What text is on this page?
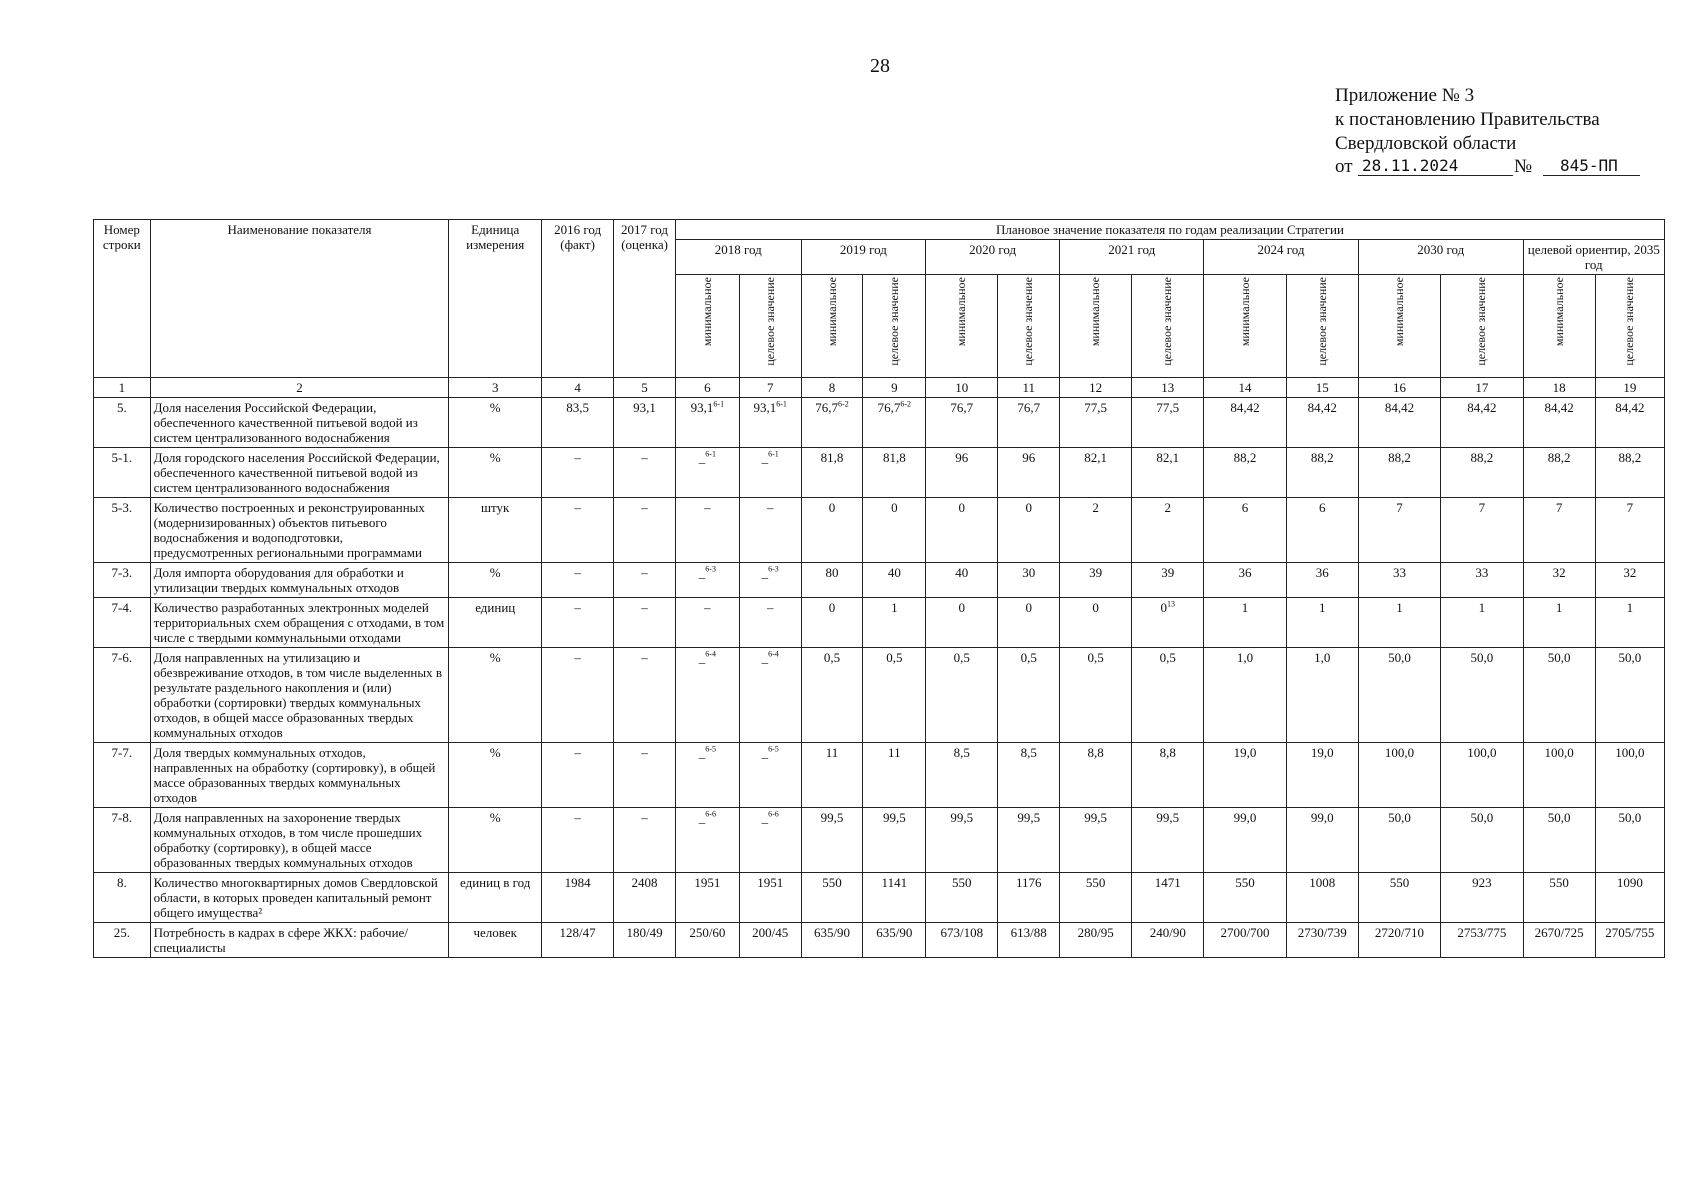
28
Приложение № 3
к постановлению Правительства
Свердловской области
от 28.11.2024	№ 845-ПП
Номер строки	Наименование показателя	Единица измерения	2016 год (факт)	2017 год (оценка)	Плановое значение показателя по годам реализации Стратегии													
					2018 год		2019 год		2020 год		2021 год		2024 год		2030 год		целевой ориентир, 2035 год	
					минимальное	целевое значение	минимальное	целевое значение	минимальное	целевое значение	минимальное	целевое значение	минимальное	целевое значение	минимальное	целевое значение	минимальное	целевое значение
1	2	3	4	5	6	7	8	9	10	11	12	13	14	15	16	17	18	19
5.	Доля населения Российской Федерации, обеспеченного качественной питьевой водой из систем централизованного водоснабжения	%	83,5	93,1	93,1$^{6-1}$	93,1$^{6-1}$	76,7$^{6-2}$	76,7$^{6-2}$	76,7	76,7	77,5	77,5	84,42	84,42	84,42	84,42	84,42	84,42
5-1.	Доля городского населения Российской Федерации, обеспеченного качественной питьевой водой из систем централизованного водоснабжения	%	–	–	_$^{6-1}$	_$^{6-1}$	81,8	81,8	96	96	82,1	82,1	88,2	88,2	88,2	88,2	88,2	88,2
5-3.	Количество построенных и реконструированных (модернизированных) объектов питьевого водоснабжения и водоподготовки, предусмотренных региональными программами	штук	–	–	–	–	0	0	0	0	2	2	6	6	7	7	7	7
7-3.	Доля импорта оборудования для обработки и утилизации твердых коммунальных отходов	%	–	–	_$^{6-3}$	_$^{6-3}$	80	40	40	30	39	39	36	36	33	33	32	32
7-4.	Количество разработанных электронных моделей территориальных схем обращения с отходами, в том числе с твердыми коммунальными отходами	единиц	–	–	–	–	0	1	0	0	0	$0^{13}$	1	1	1	1	1	1
7-6.	Доля направленных на утилизацию и обезвреживание отходов, в том числе выделенных в результате раздельного накопления и (или) обработки (сортировки) твердых коммунальных отходов, в общей массе образованных твердых коммунальных отходов	%	–	–	_$^{6-4}$	_$^{6-4}$	0,5	0,5	0,5	0,5	0,5	0,5	1,0	1,0	50,0	50,0	50,0	50,0
7-7.	Доля твердых коммунальных отходов, направленных на обработку (сортировку), в общей массе образованных твердых коммунальных отходов	%	–	–	_$^{6-5}$	_$^{6-5}$	11	11	8,5	8,5	8,8	8,8	19,0	19,0	100,0	100,0	100,0	100,0
7-8.	Доля направленных на захоронение твердых коммунальных отходов, в том числе прошедших обработку (сортировку), в общей массе образованных твердых коммунальных отходов	%	–	–	_$^{6-6}$	_$^{6-6}$	99,5	99,5	99,5	99,5	99,5	99,5	99,0	99,0	50,0	50,0	50,0	50,0
8.	Количество многоквартирных домов Свердловской области, в которых проведен капитальный ремонт общего имущества²	единиц в год	1984	2408	1951	1951	550	1141	550	1176	550	1471	550	1008	550	923	550	1090
25.	Потребность в кадрах в сфере ЖКХ: рабочие/специалисты	человек	128/47	180/49	250/60	200/45	635/90	635/90	673/108	613/88	280/95	240/90	2700/700	2730/739	2720/710	2753/775	2670/725	2705/755
